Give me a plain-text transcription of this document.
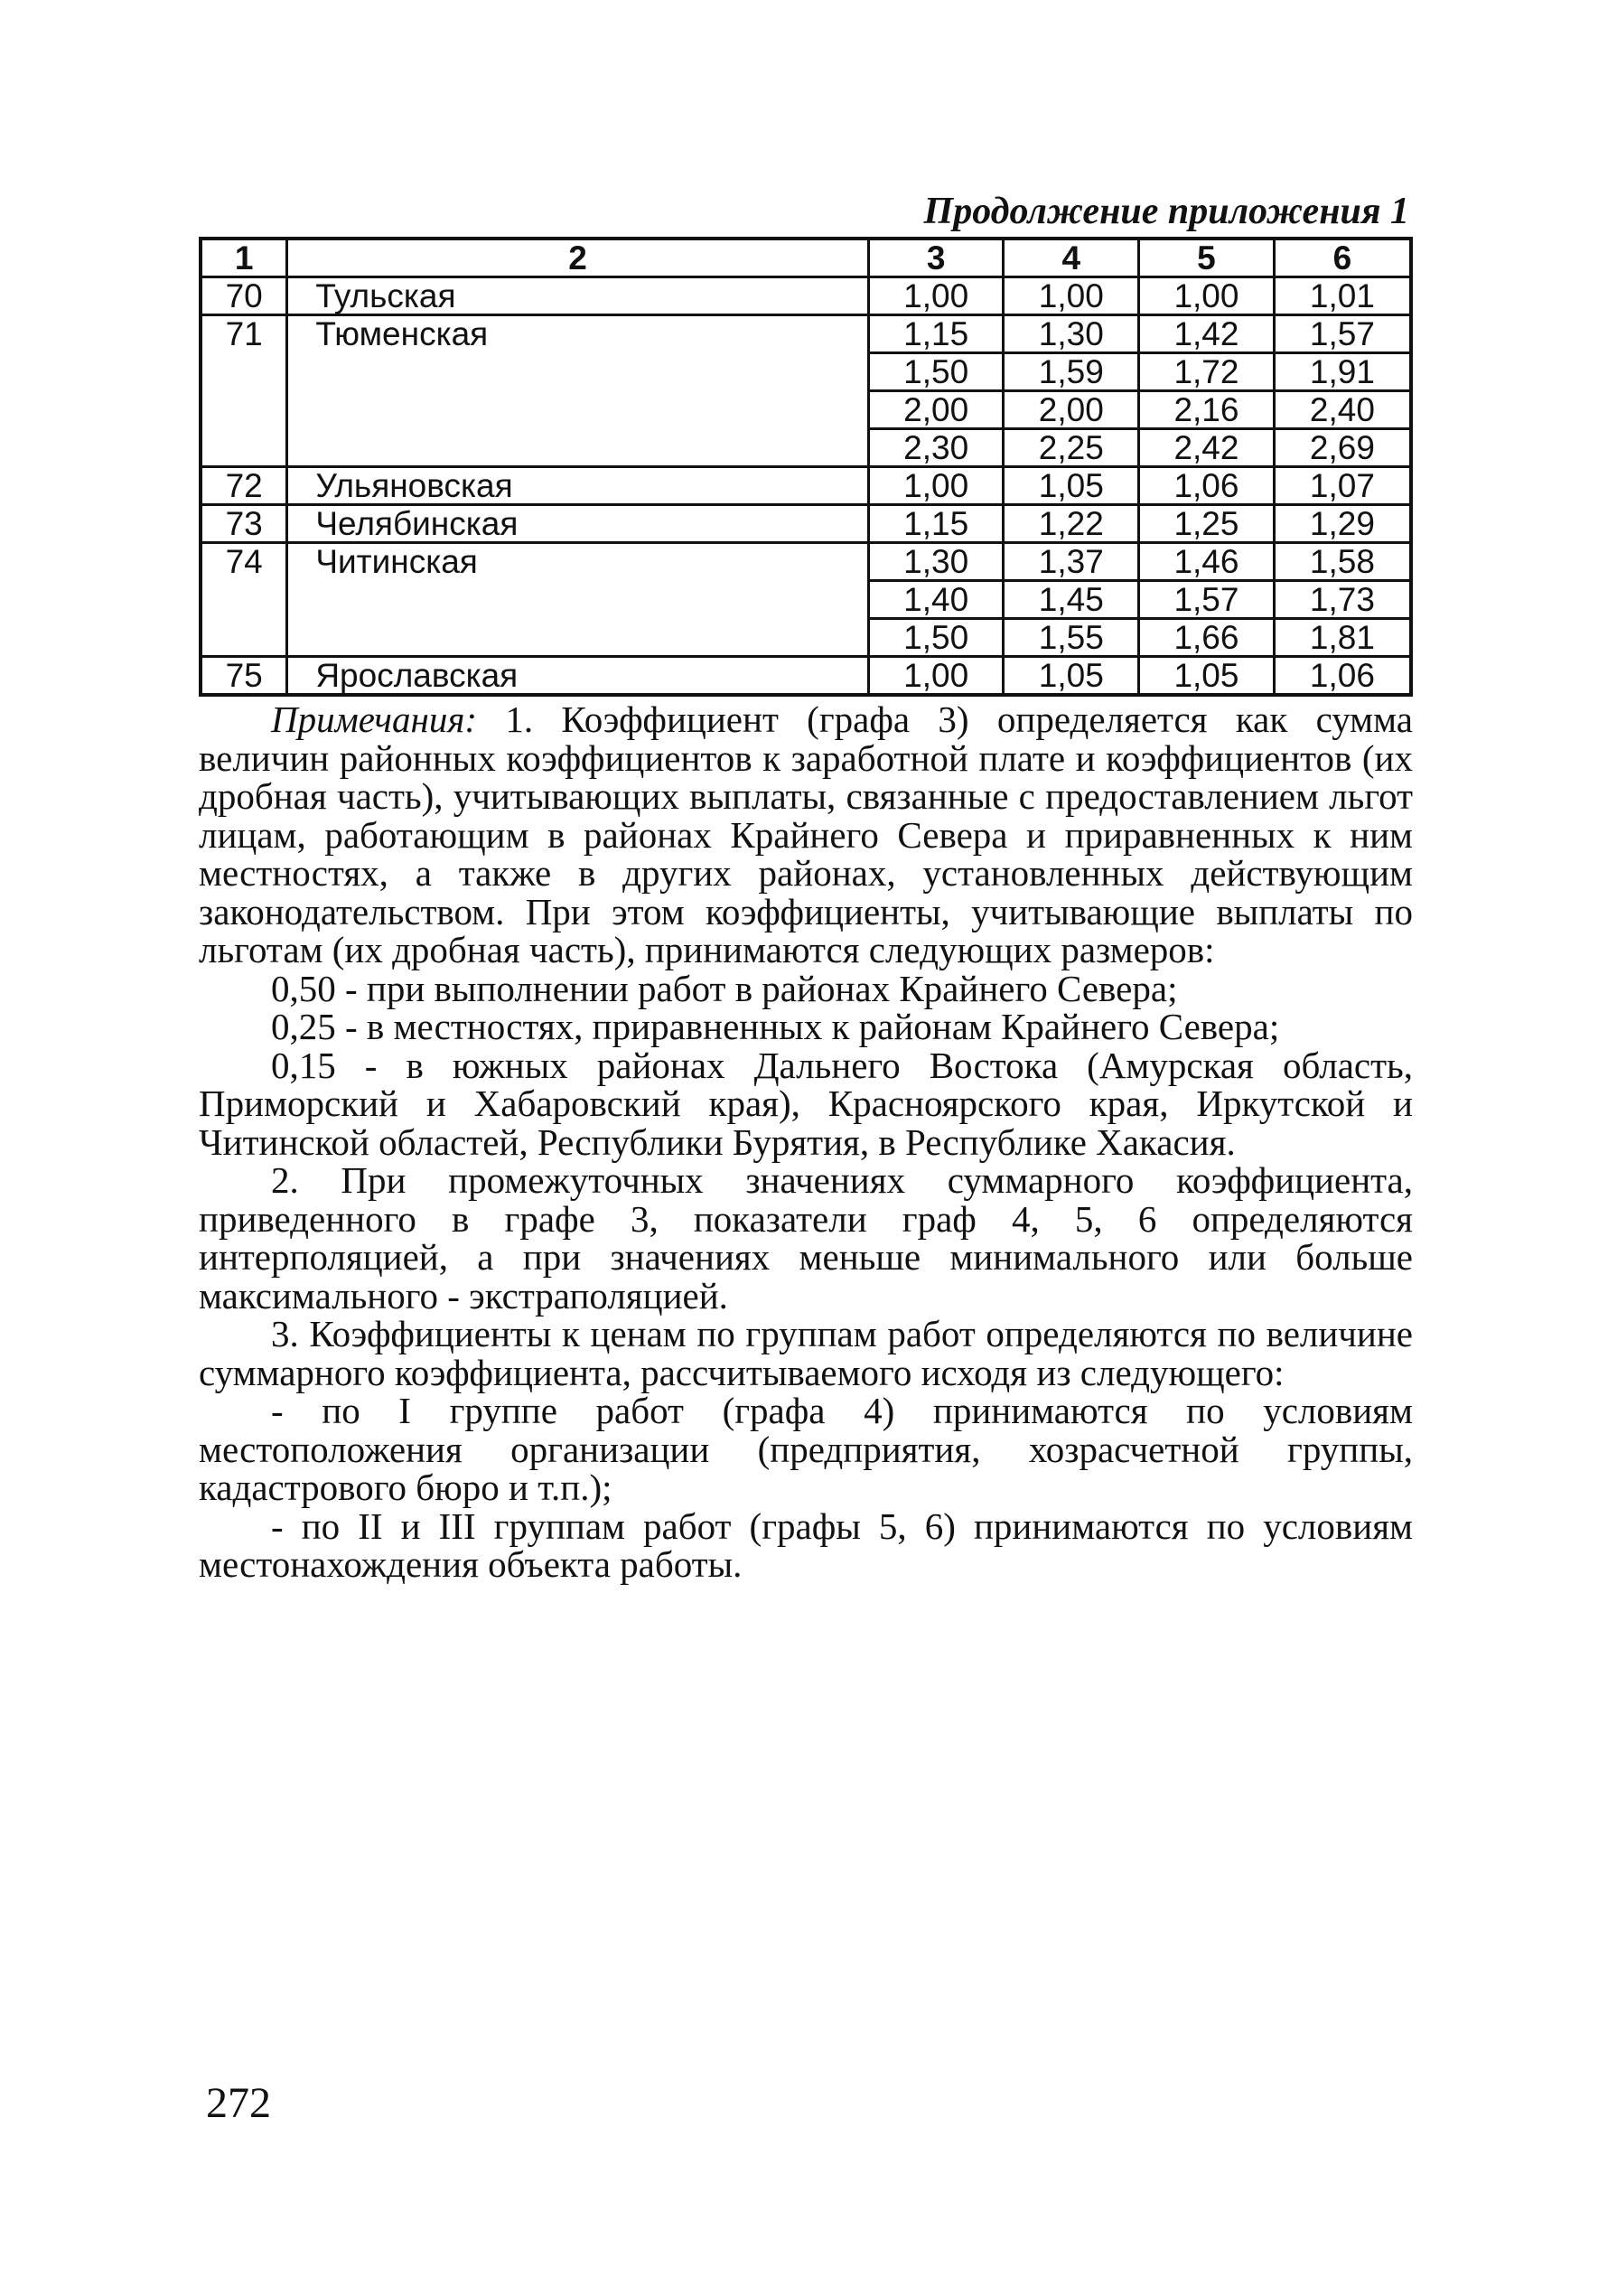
Продолжение приложения 1
1	2	3	4	5	6
70	Тульская	1,00	1,00	1,00	1,01
71	Тюменская	1,15	1,30	1,42	1,57
		1,50	1,59	1,72	1,91
		2,00	2,00	2,16	2,40
		2,30	2,25	2,42	2,69
72	Ульяновская	1,00	1,05	1,06	1,07
73	Челябинская	1,15	1,22	1,25	1,29
74	Читинская	1,30	1,37	1,46	1,58
		1,40	1,45	1,57	1,73
		1,50	1,55	1,66	1,81
75	Ярославская	1,00	1,05	1,05	1,06

Примечания: 1. Коэффициент (графа 3) определяется как сумма величин районных коэффициентов к заработной плате и коэффициентов (их дробная часть), учитывающих выплаты, связанные с предоставлением льгот лицам, работающим в районах Крайнего Севера и приравненных к ним местностях, а также в других районах, установленных действующим законодательством. При этом коэффициенты, учитывающие выплаты по льготам (их дробная часть), принимаются следующих размеров:

0,50 - при выполнении работ в районах Крайнего Севера;

0,25 - в местностях, приравненных к районам Крайнего Севера;

0,15 - в южных районах Дальнего Востока (Амурская область, Приморский и Хабаровский края), Красноярского края, Иркутской и Читинской областей, Республики Бурятия, в Республике Хакасия.

2. При промежуточных значениях суммарного коэффициента, приведенного в графе 3, показатели граф 4, 5, 6 определяются интерполяцией, а при значениях меньше минимального или больше максимального - экстраполяцией.

3. Коэффициенты к ценам по группам работ определяются по величине суммарного коэффициента, рассчитываемого исходя из следующего:

- по I группе работ (графа 4) принимаются по условиям местоположения организации (предприятия, хозрасчетной группы, кадастрового бюро и т.п.);

- по II и III группам работ (графы 5, 6) принимаются по условиям местонахождения объекта работы.

272
